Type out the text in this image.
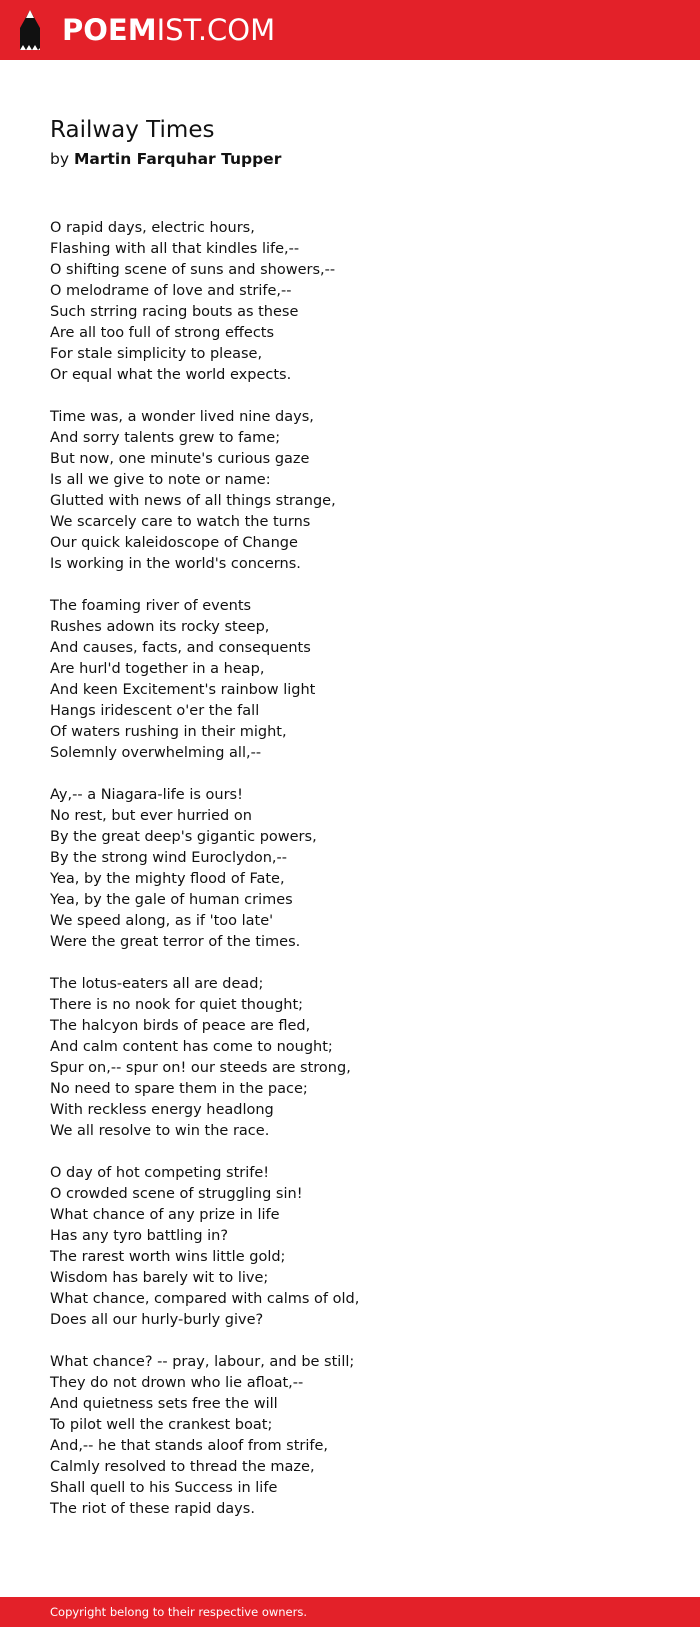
POEMIST.COM
Railway Times
by Martin Farquhar Tupper
O rapid days, electric hours,
Flashing with all that kindles life,--
O shifting scene of suns and showers,--
O melodrame of love and strife,--
Such strring racing bouts as these
Are all too full of strong effects
For stale simplicity to please,
Or equal what the world expects.
Time was, a wonder lived nine days,
And sorry talents grew to fame;
But now, one minute's curious gaze
Is all we give to note or name:
Glutted with news of all things strange,
We scarcely care to watch the turns
Our quick kaleidoscope of Change
Is working in the world's concerns.
The foaming river of events
Rushes adown its rocky steep,
And causes, facts, and consequents
Are hurl'd together in a heap,
And keen Excitement's rainbow light
Hangs iridescent o'er the fall
Of waters rushing in their might,
Solemnly overwhelming all,--
Ay,-- a Niagara-life is ours!
No rest, but ever hurried on
By the great deep's gigantic powers,
By the strong wind Euroclydon,--
Yea, by the mighty flood of Fate,
Yea, by the gale of human crimes
We speed along, as if 'too late'
Were the great terror of the times.
The lotus-eaters all are dead;
There is no nook for quiet thought;
The halcyon birds of peace are fled,
And calm content has come to nought;
Spur on,-- spur on! our steeds are strong,
No need to spare them in the pace;
With reckless energy headlong
We all resolve to win the race.
O day of hot competing strife!
O crowded scene of struggling sin!
What chance of any prize in life
Has any tyro battling in?
The rarest worth wins little gold;
Wisdom has barely wit to live;
What chance, compared with calms of old,
Does all our hurly-burly give?
What chance? -- pray, labour, and be still;
They do not drown who lie afloat,--
And quietness sets free the will
To pilot well the crankest boat;
And,-- he that stands aloof from strife,
Calmly resolved to thread the maze,
Shall quell to his Success in life
The riot of these rapid days.
Copyright belong to their respective owners.
